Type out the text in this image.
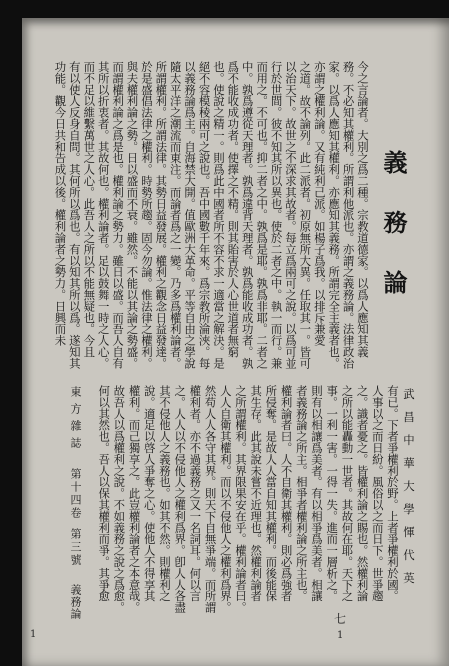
義務論
今之言論者。大別之爲二種。宗教道德家。以爲人應知其義
務。不必知其權利。所謂利他派也。亦謂之義務論。法律政治
家。以爲人應知其權利。亦應知其義務。所謂完全主義者也。
亦謂之權利論。又有純利己派。如楊子爲我。以排斥兼愛
之道。故不論列。此二派者。初原無所大異。任取其一。皆可
以治天下。故世之不深求其故者。每立爲兩可之說。以爲可並
行於世間。彼不知其所以異也。使於二者之中。執一而行。兼
而用之。不可也。抑二者之中。孰爲是耶。孰爲非耶。二者之
中。孰爲遵從天理者。孰爲違背天理者。孰爲能收成功者。孰
爲不能收成功者。使擇之不精。則其貽害於人心世道者無窮
也。使說之精一。則爲此中國者所不容不求一適當之解決。是
絕不容模稜兩可之說也。吾中國數千年來。爲宗教所淪浹。每
以義務論爲主。自海禁大開。值歐洲大革命。平等自由之學說
隨太平洋之潮流而東注。而論者爲之一變。乃多爲權利論者。
所謂權利。所謂法律。其勢日益發展。權利之觀念日益發達。
於是盛倡法律之權利。時勢所趨。固今勿論。惟法律之權利。
與夫權利論之勢。日以盛而不衰。雖然。不能以其論之勢盛。
而謂權利論之爲是也。權利論之勢力。雖日以盛。而吾人自有
其所以折衷者。其故何也。權利論者。足以鼓舞一時之人心。
而不足以維繫萬世之人心。此吾人之所以不能無疑也。今且
有以使人反身自問。其何所以爲也。有以知其所以爲。遂知其
功能。觀今日共和告成以後。權利論者之勢力。日興而未
武昌中華大學惲代英
有已。下者爭權利於野。上者爭權利於國。
人事以之而日紛。風俗以之而日下。世爭趨
之。識者憂之。皆權利論之賜也。然權利論
之所以能轟動一世者。其故何在耶。天下之
事。一利一害。一得一失。進而一層析之。
則有以相讓爲美者。有以相爭爲美者。相讓
者義務論之所主。相爭者權利論之所主也。
權利論者曰。人不自衛其權利。則必爲強者
所侵奪。是故人人當自知其權利。而後能保
其生存。此其說未嘗不近理也。然權利論者
之所謂權利。其界限果安在乎。權利論者曰。
人人自衛其權利。而以不侵他人之權利爲界。
然苟人人各守其界。則天下自無爭端。而所謂
權利者。亦不過義務之又一名詞耳。何以言
之。人人以不侵他人之權利爲界。卽人人各盡
其不侵他人之義務也。如其不然。則權利之
說。適足以啓人爭奪之心。使他人不得享其
權利。而己獨享之。此豈權利論者之本意哉。
故吾人以爲權利之說。不如義務之說之爲愈。
何以其然也。吾人以保其權利而爭。其爭愈
東方雜誌
第十四卷
第三號
義務論	七
1	1
